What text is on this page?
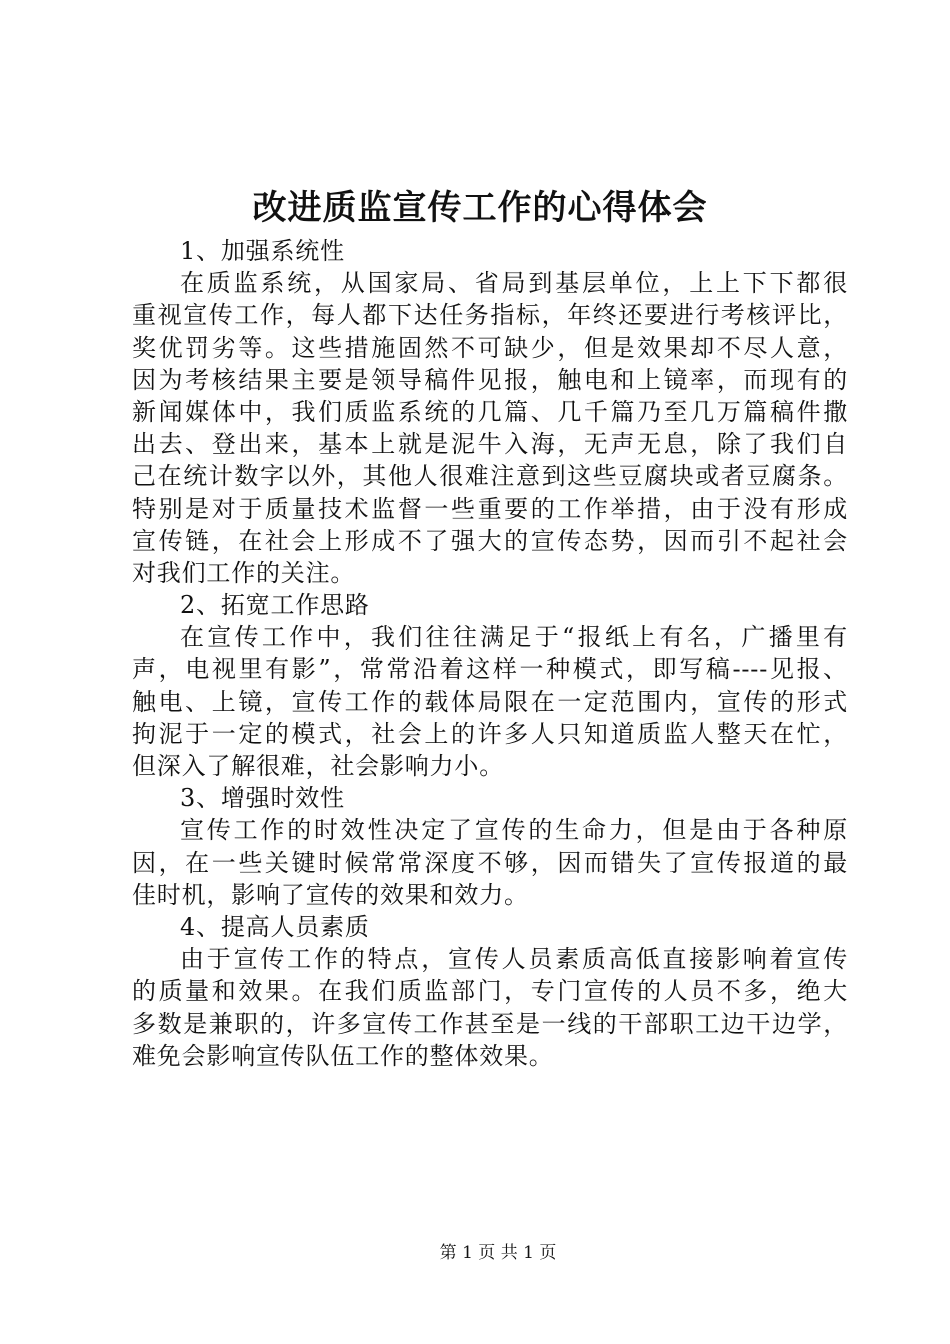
改进质监宣传工作的心得体会
1、加强系统性
在质监系统，从国家局、省局到基层单位，上上下下都很
重视宣传工作，每人都下达任务指标，年终还要进行考核评比，
奖优罚劣等。这些措施固然不可缺少，但是效果却不尽人意，
因为考核结果主要是领导稿件见报，触电和上镜率，而现有的
新闻媒体中，我们质监系统的几篇、几千篇乃至几万篇稿件撒
出去、登出来，基本上就是泥牛入海，无声无息，除了我们自
己在统计数字以外，其他人很难注意到这些豆腐块或者豆腐条。
特别是对于质量技术监督一些重要的工作举措，由于没有形成
宣传链，在社会上形成不了强大的宣传态势，因而引不起社会
对我们工作的关注。
2、拓宽工作思路
在宣传工作中，我们往往满足于“报纸上有名，广播里有
声，电视里有影”，常常沿着这样一种模式，即写稿----见报、
触电、上镜，宣传工作的载体局限在一定范围内，宣传的形式
拘泥于一定的模式，社会上的许多人只知道质监人整天在忙，
但深入了解很难，社会影响力小。
3、增强时效性
宣传工作的时效性决定了宣传的生命力，但是由于各种原
因，在一些关键时候常常深度不够，因而错失了宣传报道的最
佳时机，影响了宣传的效果和效力。
4、提高人员素质
由于宣传工作的特点，宣传人员素质高低直接影响着宣传
的质量和效果。在我们质监部门，专门宣传的人员不多，绝大
多数是兼职的，许多宣传工作甚至是一线的干部职工边干边学，
难免会影响宣传队伍工作的整体效果。
第 1 页 共 1 页
